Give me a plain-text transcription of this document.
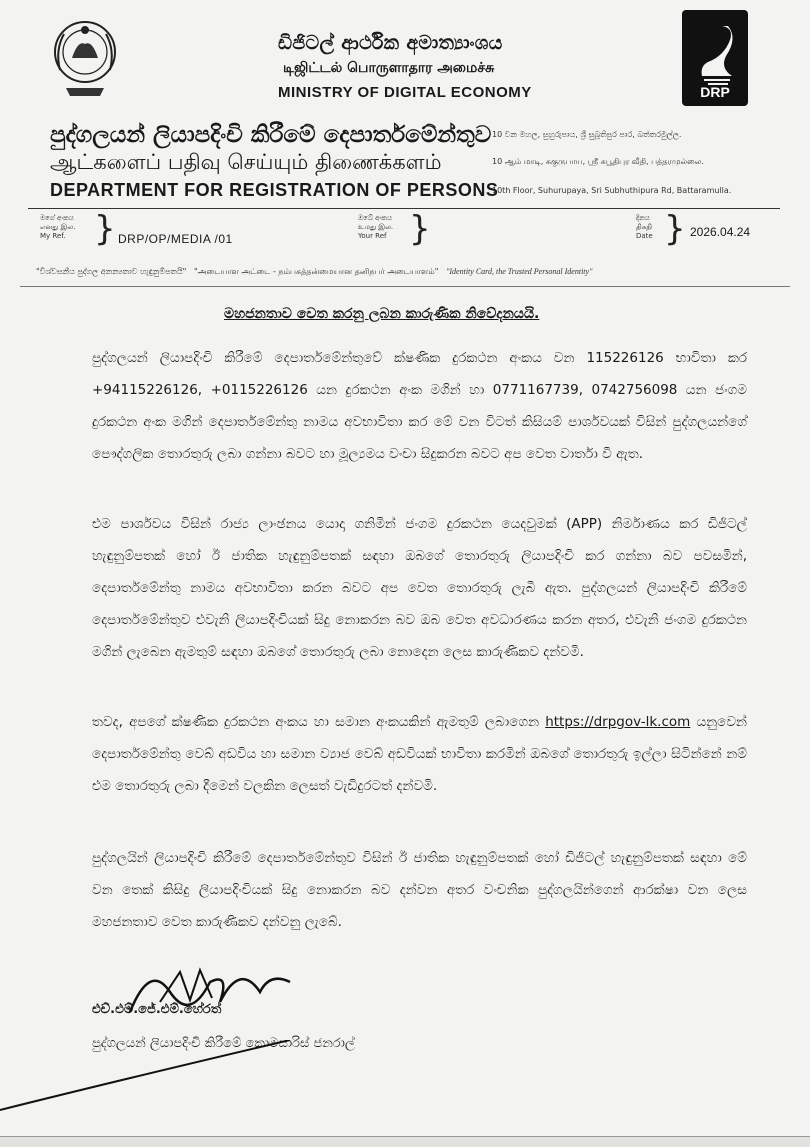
ඩිජිටල් ආර්ථික අමාත්‍යාංශය
டிஜிட்டல் பொருளாதார அமைச்சு
MINISTRY OF DIGITAL ECONOMY	DRP
පුද්ගලයන් ලියාපදිංචි කිරීමේ දෙපාර්තමේන්තුව
ஆட்களைப் பதிவு செய்யும் திணைக்களம்
DEPARTMENT FOR REGISTRATION OF PERSONS
10 වන මහල, සුහුරුපාය, ශ්‍රී සුබූතිපුර පාර, බත්තරමුල්ල.
10 ஆம் மாடி, சுகுருபாய, ஸ்ரீ சுபூதிபுர வீதி, பத்தரமுல்லை.
10th Floor, Suhurupaya, Sri Subhuthipura Rd, Battaramulla.
මගේ අංකය
எனது இல.
My Ref. } DRP/OP/MEDIA /01
ඔබේ අංකය
உமது இல.
Your Ref }	දිනය
திகதி
Date } 2026.04.24
"විශ්වසනීය පුද්ගල අනන්‍යතාව හැඳුනුම්පතයි" "அடையாள அட்டை - நம்பகத்தன்மையான தனிநபர் அடையாளம்" "Identity Card, the Trusted Personal Identity"
මහජනතාව වෙත කරනු ලබන කාරුණික නිවේදනයයි.
පුද්ගලයන් ලියාපදිංචි කිරීමේ දෙපාර්තමේන්තුවේ ක්ෂණික දුරකථන අංකය වන 115226126 භාවිතා කර +94115226126, +0115226126 යන දුරකථන අංක මගින් හා 0771167739, 0742756098 යන ජංගම දුරකථන අංක මගින් දෙපාර්තමේන්තු නාමය අවභාවිතා කර මේ වන විටත් කිසියම් පාර්ශවයක් විසින් පුද්ගලයන්ගේ පෞද්ගලික තොරතුරු ලබා ගන්නා බවට හා මූල්‍යමය වංචා සිදුකරන බවට අප වෙත වාර්තා වී ඇත.
එම පාර්ශවය විසින් රාජ්‍ය ලාංඡනය යොදා ගනිමින් ජංගම දුරකථන යෙදවුමක් (APP) නිර්මාණය කර ඩිජිටල් හැඳුනුම්පතක් හෝ ඊ ජාතික හැඳුනුම්පතක් සඳහා ඔබගේ තොරතුරු ලියාපදිංචි කර ගන්නා බව පවසමින්, දෙපාර්තමේන්තු නාමය අවභාවිතා කරන බවට අප වෙත තොරතුරු ලැබී ඇත. පුද්ගලයන් ලියාපදිංචි කිරීමේ දෙපාර්තමේන්තුව එවැනි ලියාපදිංචියක් සිදු නොකරන බව ඔබ වෙත අවධාරණය කරන අතර, එවැනි ජංගම දුරකථන මගින් ලැබෙන ඇමතුම් සඳහා ඔබගේ තොරතුරු ලබා නොදෙන ලෙස කාරුණිකව දන්වමි.
තවද, අපගේ ක්ෂණික දුරකථන අංකය හා සමාන අංකයකින් ඇමතුම් ලබාගෙන https://drpgov-lk.com යනුවෙන් දෙපාර්තමේන්තු වෙබ් අඩවිය හා සමාන ව්‍යාජ වෙබ් අඩවියක් භාවිතා කරමින් ඔබගේ තොරතුරු ඉල්ලා සිටින්නේ නම් එම තොරතුරු ලබා දීමෙන් වලකින ලෙසත් වැඩිදුරටත් දන්වමි.
පුද්ගලයින් ලියාපදිංචි කිරීමේ දෙපාර්තමේන්තුව විසින් ඊ ජාතික හැඳුනුම්පතක් හෝ ඩිජිටල් හැඳුනුම්පතක් සඳහා මේ වන තෙක් කිසිදු ලියාපදිංචියක් සිදු නොකරන බව දන්වන අතර වංචනික පුද්ගලයින්ගෙන් ආරක්ෂා වන ලෙස මහජනතාව වෙත කාරුණිකව දන්වනු ලැබේ.
එච්.එම්.ජේ.එම්.හේරත්
පුද්ගලයන් ලියාපදිංචි කිරීමේ කොමසාරිස් ජනරාල්
